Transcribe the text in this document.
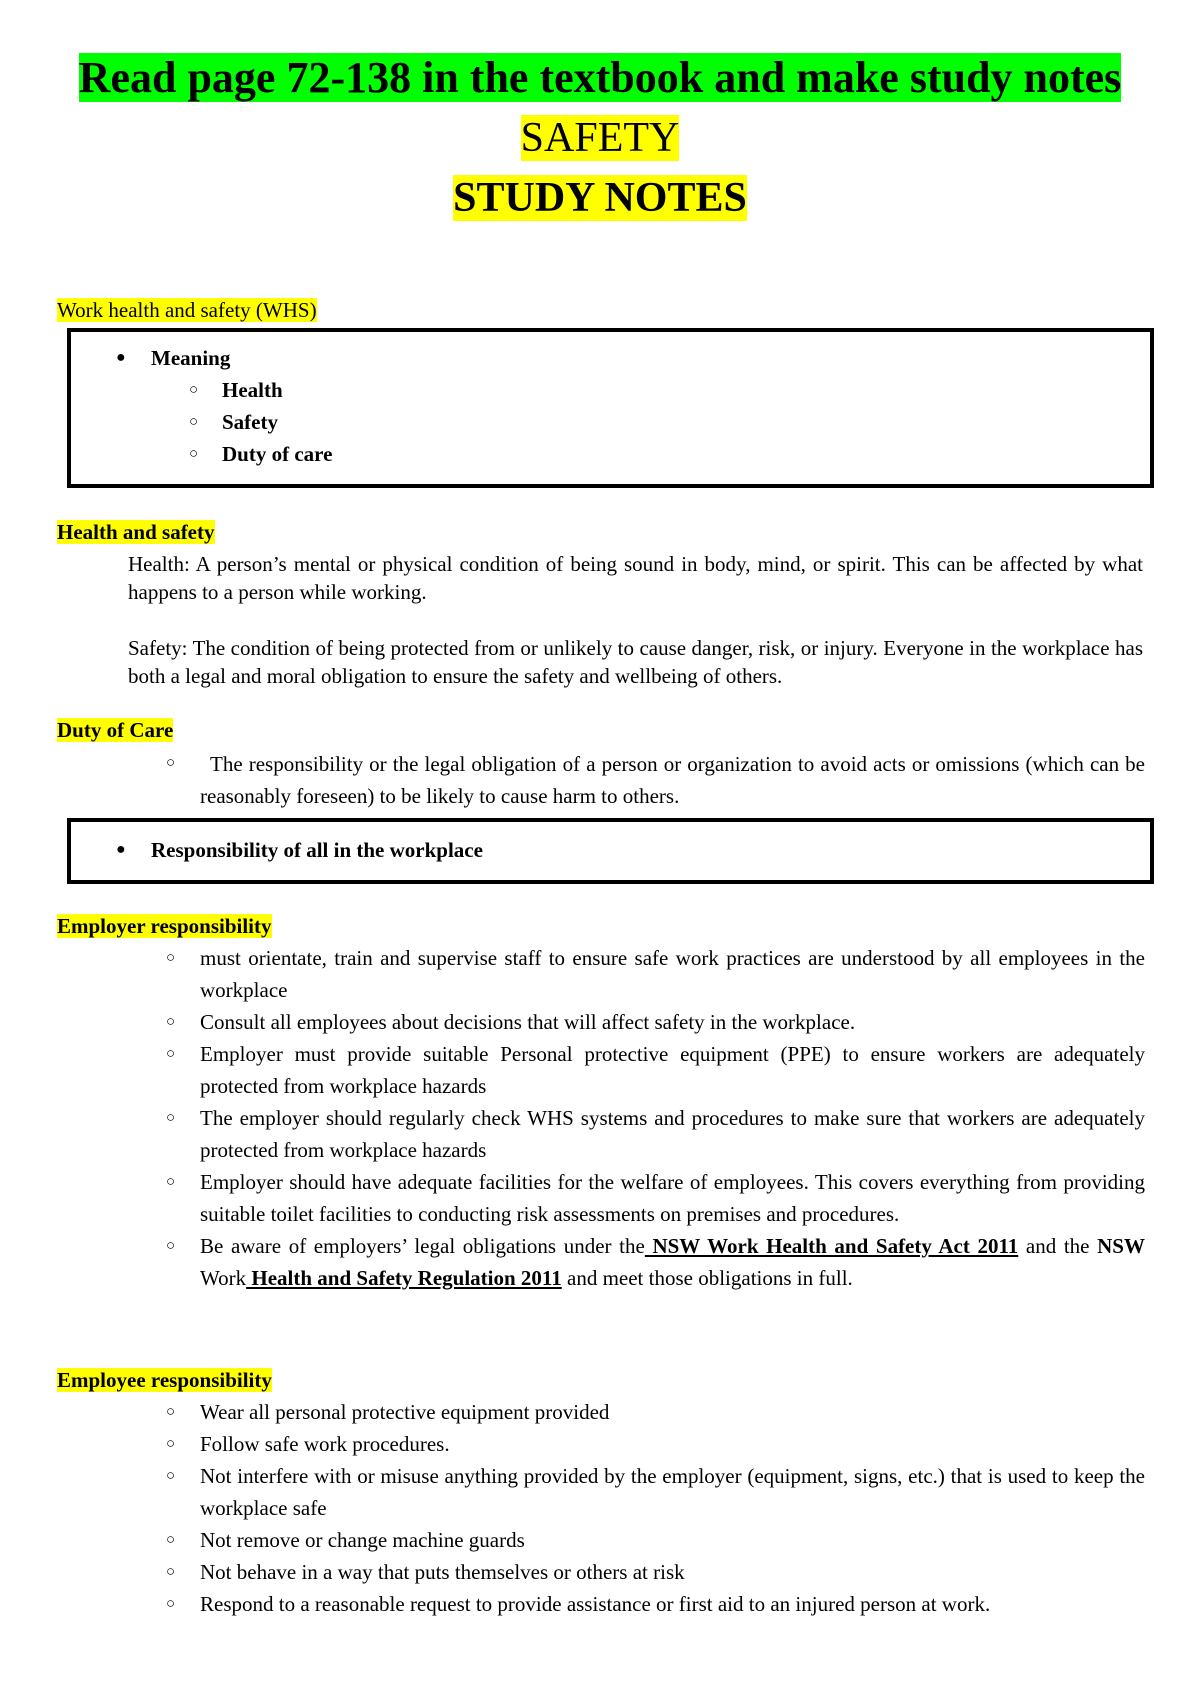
Read page 72-138 in the textbook and make study notes
SAFETY
STUDY NOTES
Work health and safety (WHS)
● Meaning
○ Health
○ Safety
○ Duty of care
Health and safety
Health: A person’s mental or physical condition of being sound in body, mind, or spirit. This can be affected by what happens to a person while working.
Safety: The condition of being protected from or unlikely to cause danger, risk, or injury. Everyone in the workplace has both a legal and moral obligation to ensure the safety and wellbeing of others.
Duty of Care
○	The responsibility or the legal obligation of a person or organization to avoid acts or omissions (which can be reasonably foreseen) to be likely to cause harm to others.
● Responsibility of all in the workplace
Employer responsibility
○ must orientate, train and supervise staff to ensure safe work practices are understood by all employees in the workplace
○ Consult all employees about decisions that will affect safety in the workplace.
○ Employer must provide suitable Personal protective equipment (PPE) to ensure workers are adequately protected from workplace hazards
○ The employer should regularly check WHS systems and procedures to make sure that workers are adequately protected from workplace hazards
○ Employer should have adequate facilities for the welfare of employees. This covers everything from providing suitable toilet facilities to conducting risk assessments on premises and procedures.
○ Be aware of employers’ legal obligations under the NSW Work Health and Safety Act 2011 and the NSW Work Health and Safety Regulation 2011 and meet those obligations in full.
Employee responsibility
○ Wear all personal protective equipment provided
○ Follow safe work procedures.
○ Not interfere with or misuse anything provided by the employer (equipment, signs, etc.) that is used to keep the workplace safe
○ Not remove or change machine guards
○ Not behave in a way that puts themselves or others at risk
○ Respond to a reasonable request to provide assistance or first aid to an injured person at work.
